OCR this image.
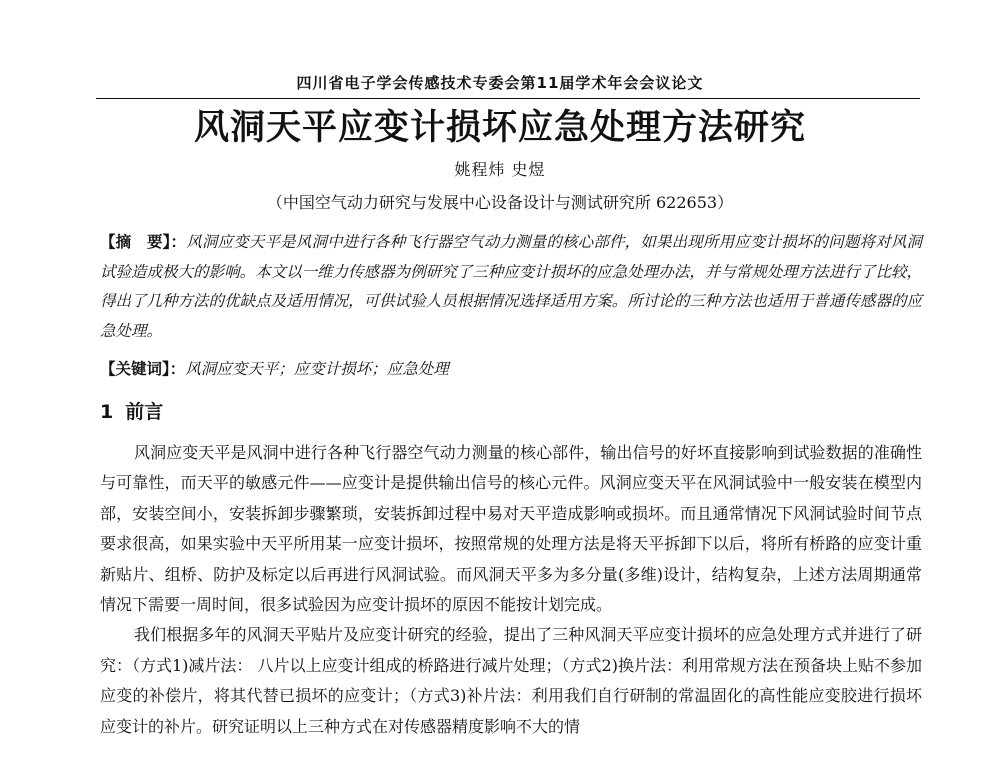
四川省电子学会传感技术专委会第11届学术年会会议论文
风洞天平应变计损坏应急处理方法研究
姚程炜 史煜
（中国空气动力研究与发展中心设备设计与测试研究所 622653）
【摘　要】：风洞应变天平是风洞中进行各种飞行器空气动力测量的核心部件，如果出现所用应变计损坏的问题将对风洞试验造成极大的影响。本文以一维力传感器为例研究了三种应变计损坏的应急处理办法，并与常规处理方法进行了比较，得出了几种方法的优缺点及适用情况，可供试验人员根据情况选择适用方案。所讨论的三种方法也适用于普通传感器的应急处理。
【关键词】：风洞应变天平；应变计损坏；应急处理
1 前言

风洞应变天平是风洞中进行各种飞行器空气动力测量的核心部件，输出信号的好坏直接影响到试验数据的准确性与可靠性，而天平的敏感元件——应变计是提供输出信号的核心元件。风洞应变天平在风洞试验中一般安装在模型内部，安装空间小，安装拆卸步骤繁琐，安装拆卸过程中易对天平造成影响或损坏。而且通常情况下风洞试验时间节点要求很高，如果实验中天平所用某一应变计损坏，按照常规的处理方法是将天平拆卸下以后，将所有桥路的应变计重新贴片、组桥、防护及标定以后再进行风洞试验。而风洞天平多为多分量(多维)设计，结构复杂，上述方法周期通常情况下需要一周时间，很多试验因为应变计损坏的原因不能按计划完成。

我们根据多年的风洞天平贴片及应变计研究的经验，提出了三种风洞天平应变计损坏的应急处理方式并进行了研究：（方式1)减片法： 八片以上应变计组成的桥路进行减片处理；（方式2)换片法：利用常规方法在预备块上贴不参加应变的补偿片，将其代替已损坏的应变计；（方式3)补片法：利用我们自行研制的常温固化的高性能应变胶进行损坏应变计的补片。研究证明以上三种方式在对传感器精度影响不大的情
